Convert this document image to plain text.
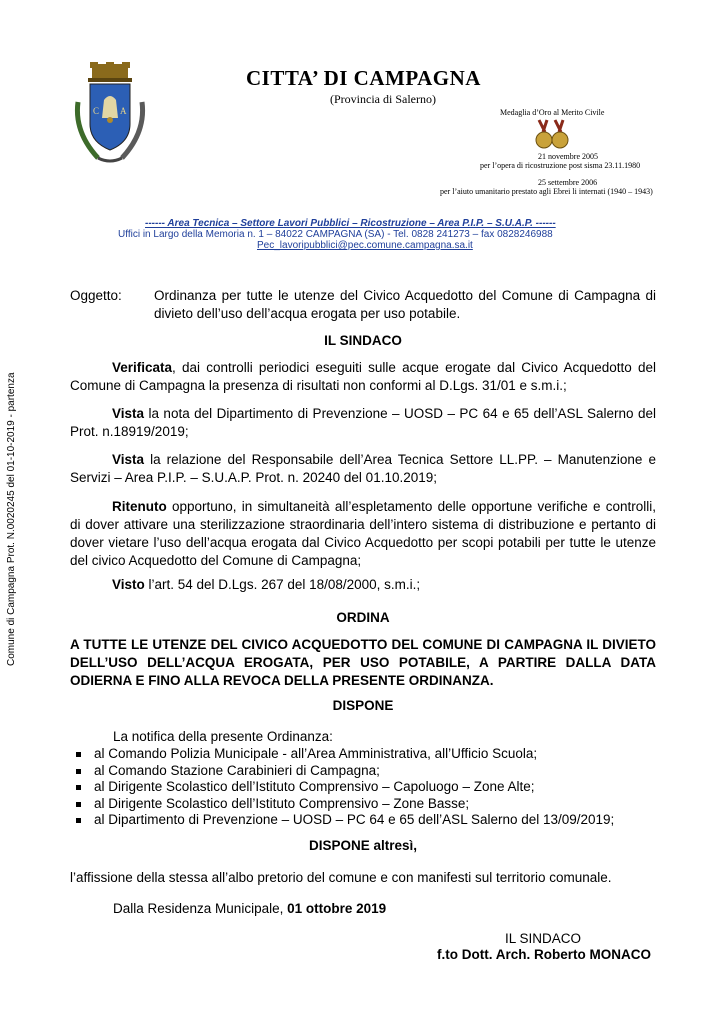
C A
CITTA’ DI CAMPAGNA
(Provincia di Salerno)
Medaglia d’Oro al Merito Civile
21 novembre 2005
per l’opera di ricostruzione post sisma 23.11.1980
25 settembre 2006
per l’aiuto umanitario prestato agli Ebrei li internati (1940 – 1943)
------ Area Tecnica – Settore Lavori Pubblici – Ricostruzione – Area P.I.P. – S.U.A.P. ------
Uffici in Largo della Memoria n. 1 – 84022 CAMPAGNA (SA) - Tel. 0828 241273 – fax 0828246988
Pec_lavoripubblici@pec.comune.campagna.sa.it
Comune di Campagna Prot. N.0020245 del 01-10-2019 - partenza
Oggetto: Ordinanza per tutte le utenze del Civico Acquedotto del Comune di Campagna di divieto dell’uso dell’acqua erogata per uso potabile.
IL SINDACO
Verificata, dai controlli periodici eseguiti sulle acque erogate dal Civico Acquedotto del Comune di Campagna la presenza di risultati non conformi al D.Lgs. 31/01 e s.m.i.;
Vista la nota del Dipartimento di Prevenzione – UOSD – PC 64 e 65 dell’ASL Salerno del Prot. n.18919/2019;
Vista la relazione del Responsabile dell’Area Tecnica Settore LL.PP. – Manutenzione e Servizi – Area P.I.P. – S.U.A.P. Prot. n. 20240 del 01.10.2019;
Ritenuto opportuno, in simultaneità all’espletamento delle opportune verifiche e controlli, di dover attivare una sterilizzazione straordinaria dell’intero sistema di distribuzione e pertanto di dover vietare l’uso dell’acqua erogata dal Civico Acquedotto per scopi potabili per tutte le utenze del civico Acquedotto del Comune di Campagna;
Visto l’art. 54 del D.Lgs. 267 del 18/08/2000, s.m.i.;
ORDINA
A TUTTE LE UTENZE DEL CIVICO ACQUEDOTTO DEL COMUNE DI CAMPAGNA IL DIVIETO DELL’USO DELL’ACQUA EROGATA, PER USO POTABILE, A PARTIRE DALLA DATA ODIERNA E FINO ALLA REVOCA DELLA PRESENTE ORDINANZA.
DISPONE
La notifica della presente Ordinanza:
al Comando Polizia Municipale - all’Area Amministrativa, all’Ufficio Scuola;
al Comando Stazione Carabinieri di Campagna;
al Dirigente Scolastico dell’Istituto Comprensivo – Capoluogo – Zone Alte;
al Dirigente Scolastico dell’Istituto Comprensivo – Zone Basse;
al Dipartimento di Prevenzione – UOSD – PC 64 e 65 dell’ASL Salerno del 13/09/2019;
DISPONE altresì,
l’affissione della stessa all’albo pretorio del comune e con manifesti sul territorio comunale.
Dalla Residenza Municipale, 01 ottobre 2019
IL SINDACO
f.to Dott. Arch. Roberto MONACO
